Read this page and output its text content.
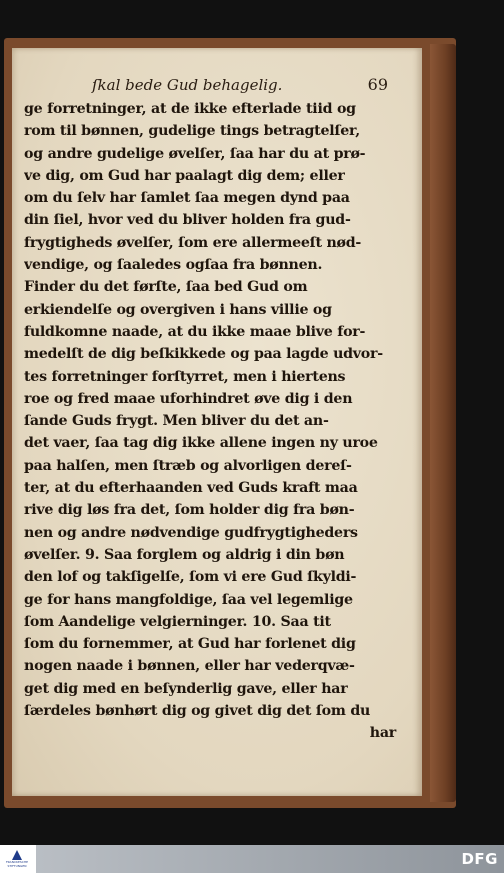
ſkal bede Gud behagelig.	69
ge forretninger, at de ikke efterlade tiid og
rom til bønnen, gudelige tings betragtelſer,
og andre gudelige øvelſer, ſaa har du at prø-
ve dig, om Gud har paalagt dig dem; eller
om du ſelv har ſamlet ſaa megen dynd paa
din ſiel, hvor ved du bliver holden fra gud-
frygtigheds øvelſer, ſom ere allermeeſt nød-
vendige, og ſaaledes ogſaa fra bønnen.
Finder du det førſte, ſaa bed Gud om
erkiendelſe og overgiven i hans villie og
fuldkomne naade, at du ikke maae blive for-
medelſt de dig beſkikkede og paa lagde udvor-
tes forretninger forſtyrret, men i hiertens
roe og fred maae uforhindret øve dig i den
ſande Guds frygt. Men bliver du det an-
det vaer, ſaa tag dig ikke allene ingen ny uroe
paa halſen, men ſtræb og alvorligen dereſ-
ter, at du efterhaanden ved Guds kraft maa
rive dig løs fra det, ſom holder dig fra bøn-
nen og andre nødvendige gudfrygtigheders
øvelſer. 9. Saa forglem og aldrig i din bøn
den lof og takſigelſe, ſom vi ere Gud ſkyldi-
ge for hans mangfoldige, ſaa vel legemlige
ſom Aandelige velgierninger. 10. Saa tit
ſom du fornemmer, at Gud har forlenet dig
nogen naade i bønnen, eller har vederqvæ-
get dig med en beſynderlig gave, eller har
ſærdeles bønhørt dig og givet dig det ſom du
har
FRANCKESCHE STIFTUNGEN	DFG
